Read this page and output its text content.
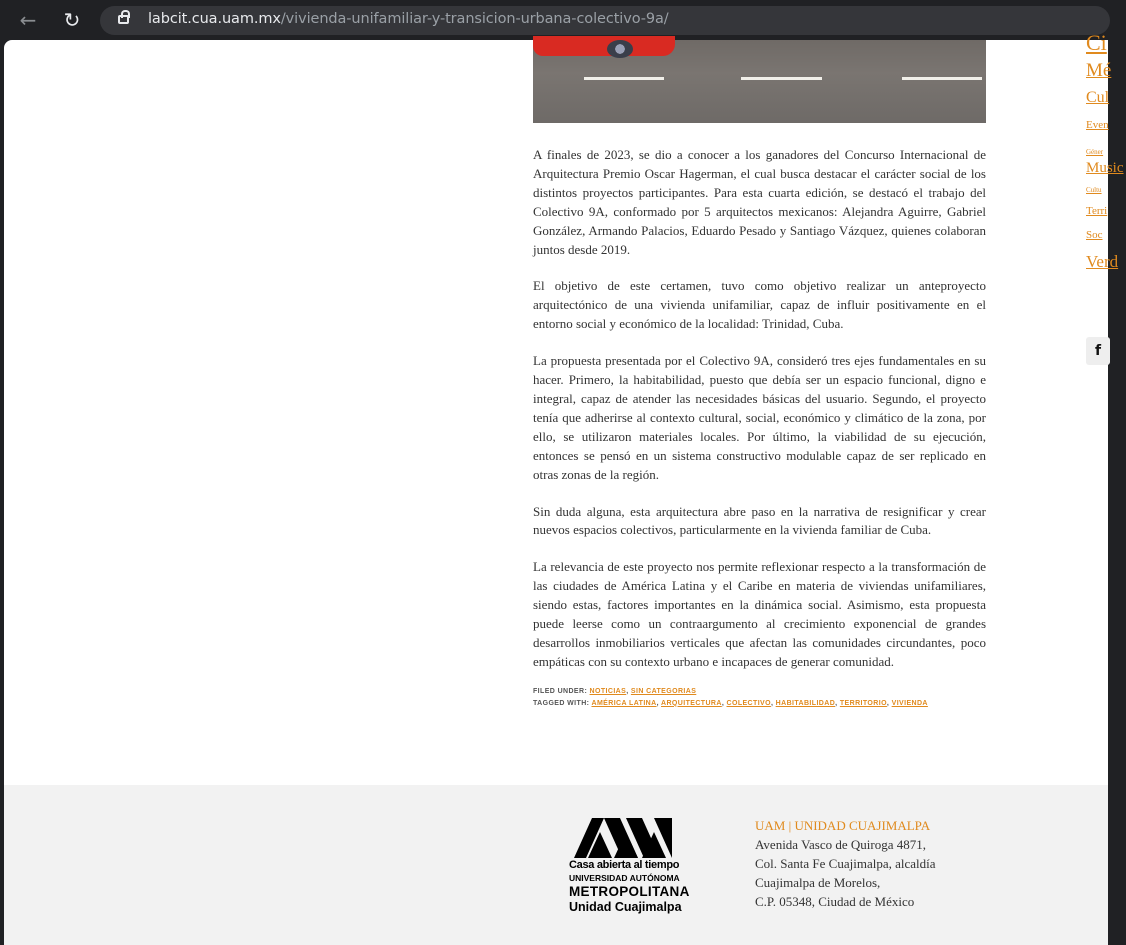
← ↻	labcit.cua.uam.mx/vivienda-unifamiliar-y-transicion-urbana-colectivo-9a/

A finales de 2023, se dio a conocer a los ganadores del Concurso Internacional de Arquitectura Premio Oscar Hagerman, el cual busca destacar el carácter social de los distintos proyectos participantes. Para esta cuarta edición, se destacó el trabajo del Colectivo 9A, conformado por 5 arquitectos mexicanos: Alejandra Aguirre, Gabriel González, Armando Palacios, Eduardo Pesado y Santiago Vázquez, quienes colaboran juntos desde 2019.

El objetivo de este certamen, tuvo como objetivo realizar un anteproyecto arquitectónico de una vivienda unifamiliar, capaz de influir positivamente en el entorno social y económico de la localidad: Trinidad, Cuba.

La propuesta presentada por el Colectivo 9A, consideró tres ejes fundamentales en su hacer. Primero, la habitabilidad, puesto que debía ser un espacio funcional, digno e integral, capaz de atender las necesidades básicas del usuario. Segundo, el proyecto tenía que adherirse al contexto cultural, social, económico y climático de la zona, por ello, se utilizaron materiales locales. Por último, la viabilidad de su ejecución, entonces se pensó en un sistema constructivo modulable capaz de ser replicado en otras zonas de la región.

Sin duda alguna, esta arquitectura abre paso en la narrativa de resignificar y crear nuevos espacios colectivos, particularmente en la vivienda familiar de Cuba.

La relevancia de este proyecto nos permite reflexionar respecto a la transformación de las ciudades de América Latina y el Caribe en materia de viviendas unifamiliares, siendo estas, factores importantes en la dinámica social. Asimismo, esta propuesta puede leerse como un contraargumento al crecimiento exponencial de grandes desarrollos inmobiliarios verticales que afectan las comunidades circundantes, poco empáticas con su contexto urbano e incapaces de generar comunidad.

FILED UNDER: NOTICIAS, SIN CATEGORIAS
TAGGED WITH: AMÉRICA LATINA, ARQUITECTURA, COLECTIVO, HABITABILIDAD, TERRITORIO, VIVIENDA
Ci
Mé
Cul
Even
Géner
Music
Cultu
Terri
Soc
Verd
f
Casa abierta al tiempo
UNIVERSIDAD AUTÓNOMA
METROPOLITANA
Unidad Cuajimalpa
UAM | UNIDAD CUAJIMALPA
Avenida Vasco de Quiroga 4871,
Col. Santa Fe Cuajimalpa, alcaldía
Cuajimalpa de Morelos,
C.P. 05348, Ciudad de México
